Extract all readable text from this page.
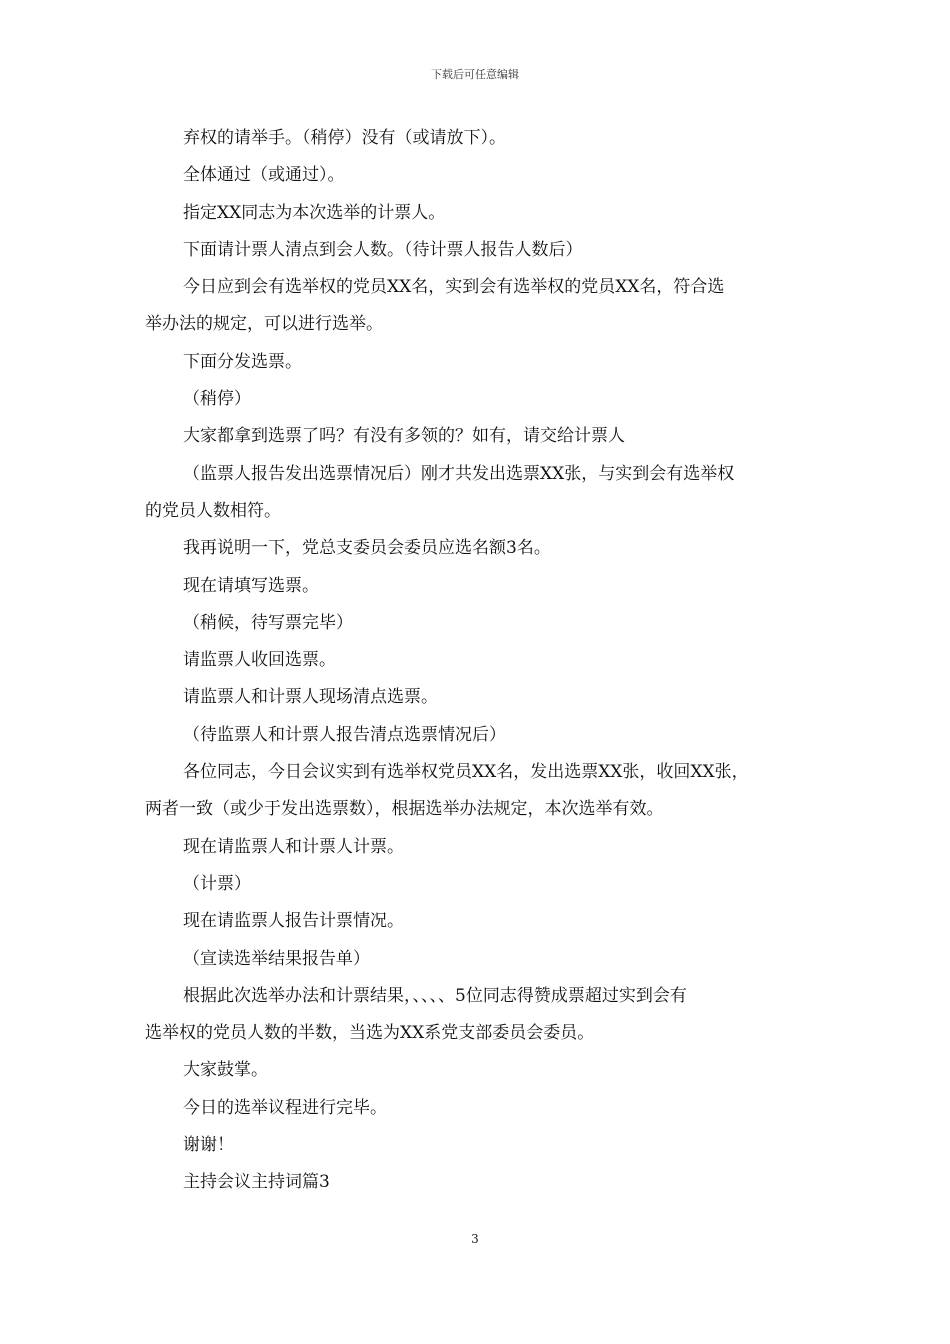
下载后可任意编辑

弃权的请举手。（稍停）没有（或请放下）。

全体通过（或通过）。

指定XX同志为本次选举的计票人。

下面请计票人清点到会人数。（待计票人报告人数后）

今日应到会有选举权的党员XX名，实到会有选举权的党员XX名，符合选

举办法的规定，可以进行选举。

下面分发选票。

（稍停）

大家都拿到选票了吗？有没有多领的？如有，请交给计票人

（监票人报告发出选票情况后）刚才共发出选票XX张，与实到会有选举权

的党员人数相符。

我再说明一下，党总支委员会委员应选名额3名。

现在请填写选票。

（稍候，待写票完毕）

请监票人收回选票。

请监票人和计票人现场清点选票。

（待监票人和计票人报告清点选票情况后）

各位同志，今日会议实到有选举权党员XX名，发出选票XX张，收回XX张，

两者一致（或少于发出选票数），根据选举办法规定，本次选举有效。

现在请监票人和计票人计票。

（计票）

现在请监票人报告计票情况。

（宣读选举结果报告单）

根据此次选举办法和计票结果，、、、、5位同志得赞成票超过实到会有

选举权的党员人数的半数，当选为XX系党支部委员会委员。

大家鼓掌。

今日的选举议程进行完毕。

谢谢！

主持会议主持词篇3

3
